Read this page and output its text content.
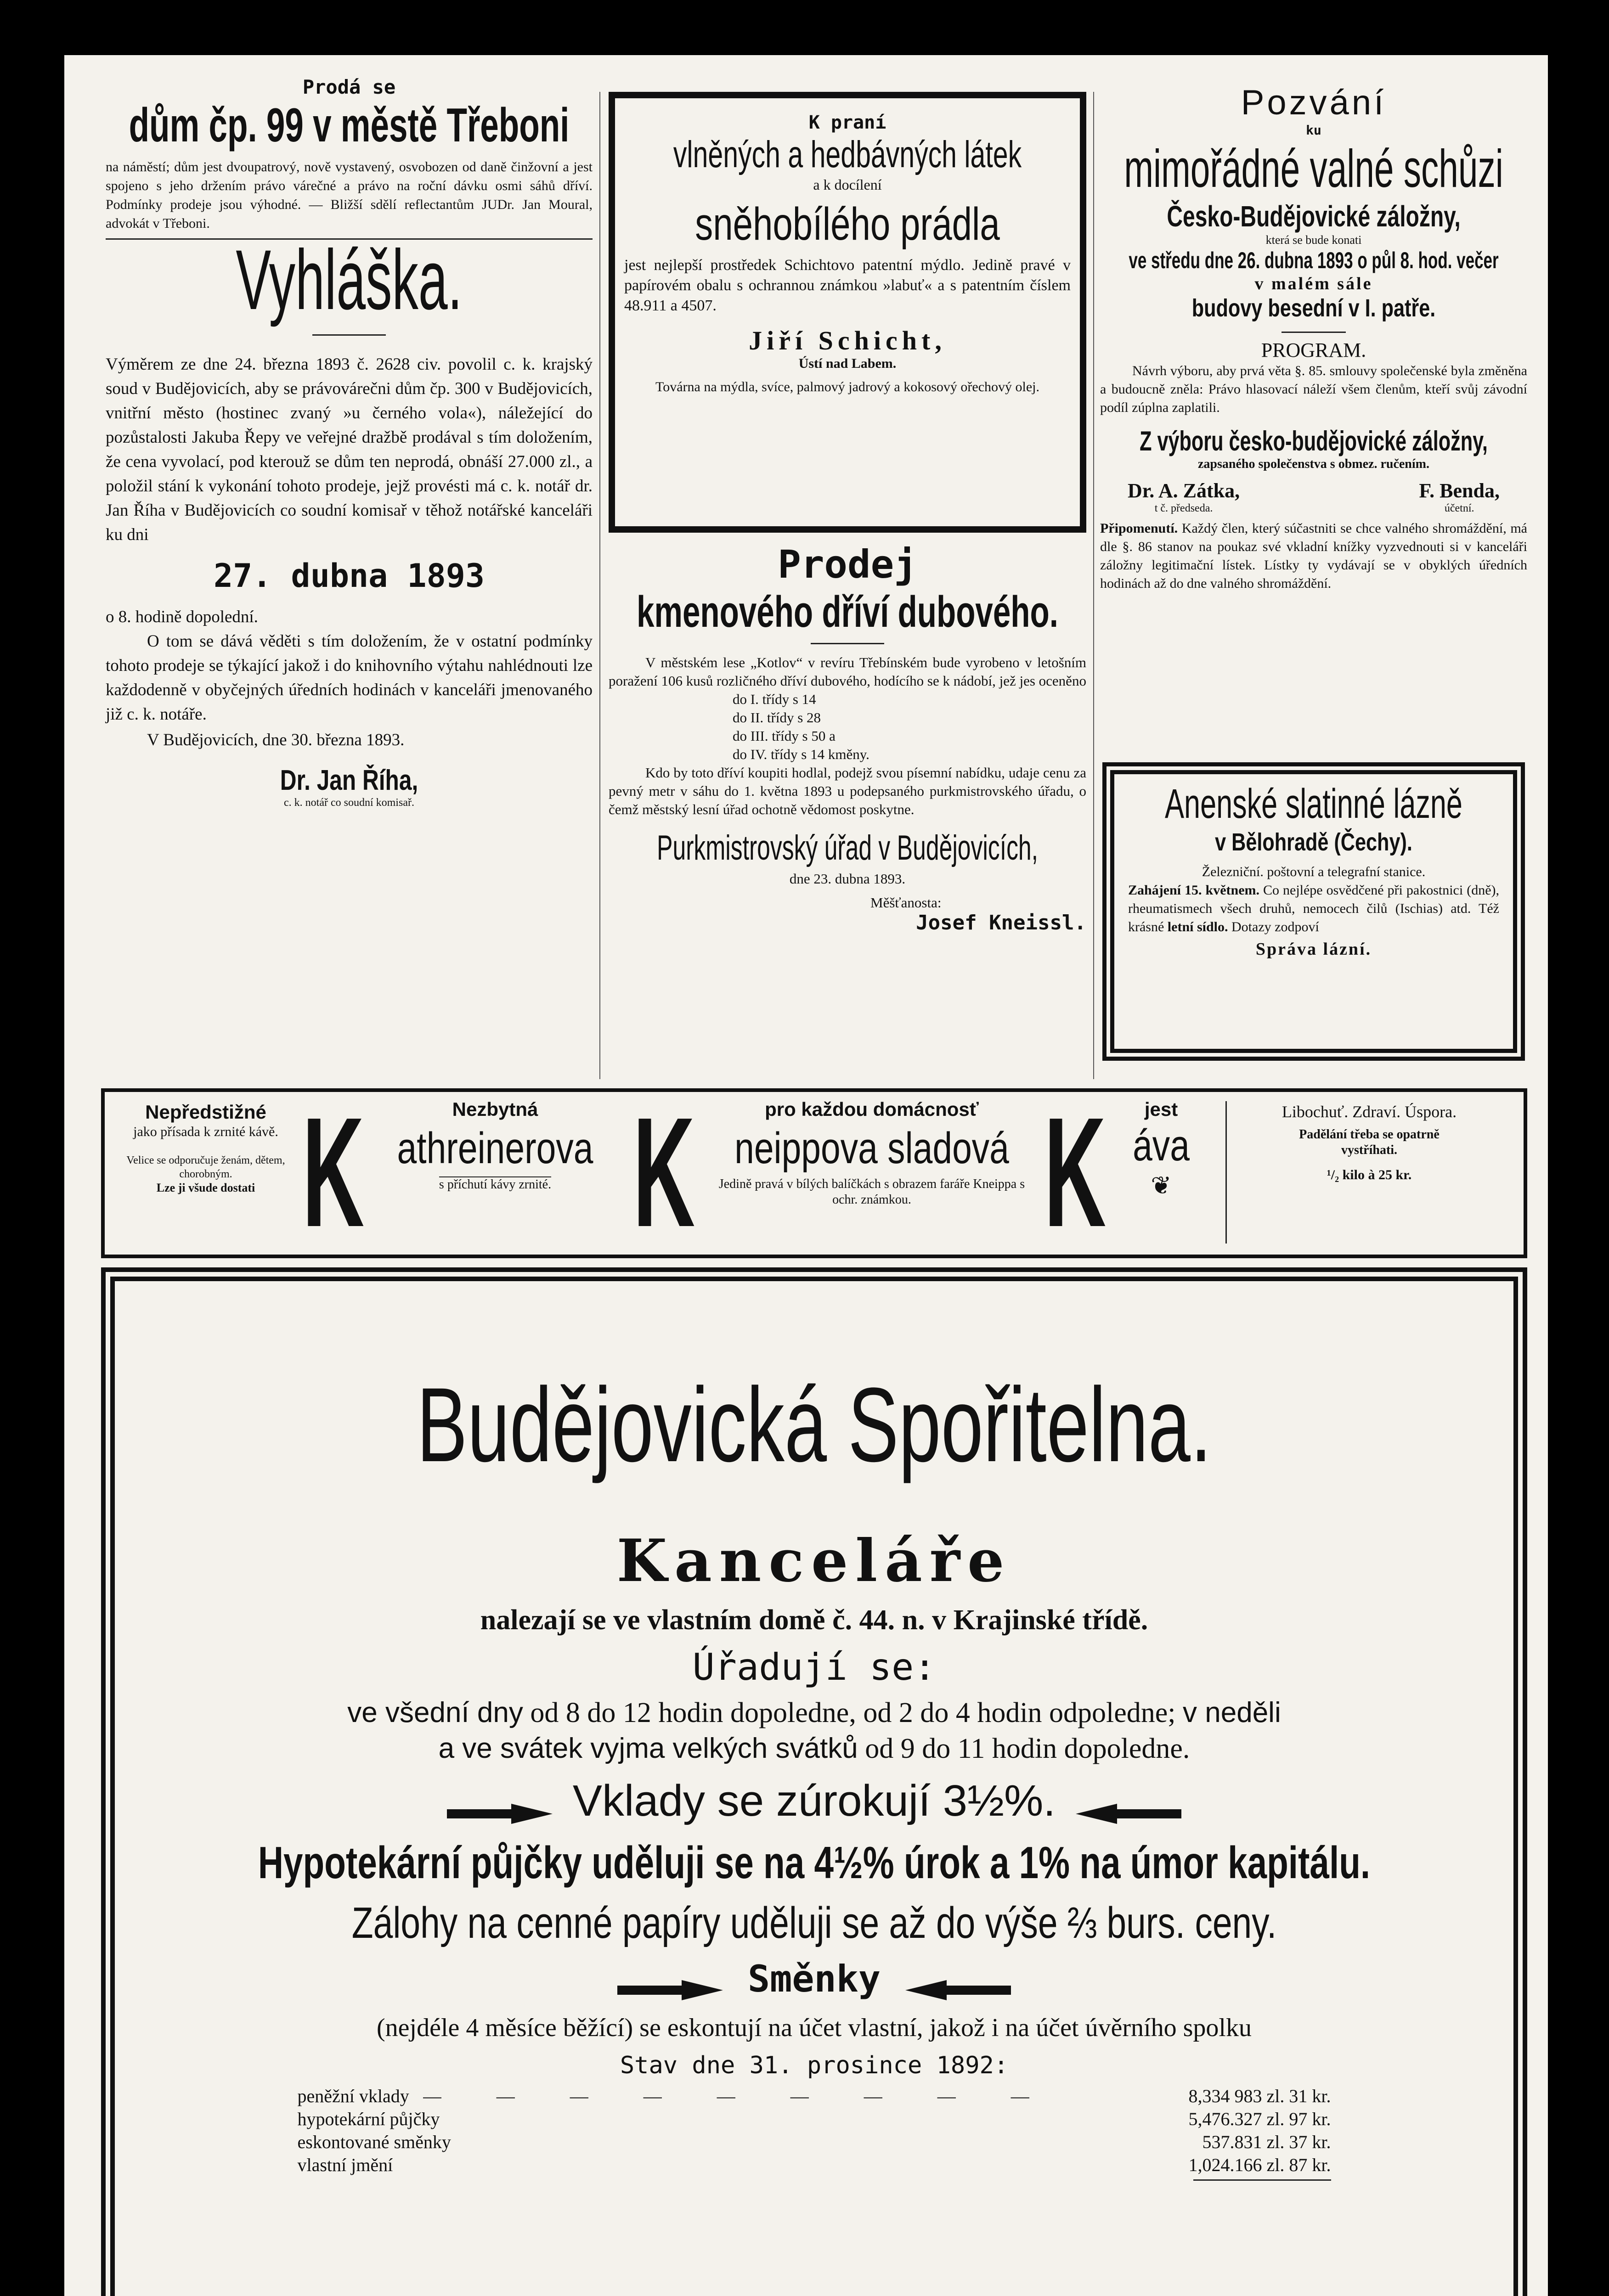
Prodá se
dům čp. 99 v městě Třeboni

na náměstí; dům jest dvoupatrový, nově vystavený, osvobozen od daně činžovní a jest spojeno s jeho držením právo várečné a právo na roční dávku osmi sáhů dříví. Podmínky prodeje jsou výhodné. — Bližší sdělí reflectantům JUDr. Jan Moural, advokát v Třeboni.

Vyhláška.

Výměrem ze dne 24. března 1893 č. 2628 civ. povolil c. k. krajský soud v Budějovicích, aby se právovárečni dům čp. 300 v Budějovicích, vnitřní město (hostinec zvaný »u černého vola«), náležející do pozůstalosti Jakuba Řepy ve veřejné dražbě prodával s tím doložením, že cena vyvolací, pod kterouž se dům ten neprodá, obnáší 27.000 zl., a položil stání k vykonání tohoto prodeje, jejž provésti má c. k. notář dr. Jan Říha v Budějovicích co soudní komisař v těhož notářské kanceláři ku dni

27. dubna 1893

o 8. hodině dopolední.

O tom se dává věděti s tím doložením, že v ostatní podmínky tohoto prodeje se týkající jakož i do knihovního výtahu nahlédnouti lze každodenně v obyčejných úředních hodinách v kanceláři jmenovaného již c. k. notáře.

V Budějovicích, dne 30. března 1893.

Dr. Jan Říha,
c. k. notář co soudní komisař.
K praní
vlněných a hedbávných látek
a k docílení
sněhobílého prádla

jest nejlepší prostředek Schichtovo patentní mýdlo. Jedině pravé v papírovém obalu s ochrannou známkou »labuť« a s patentním číslem 48.911 a 4507.

Jiří Schicht,
Ústí nad Labem.

Továrna na mýdla, svíce, palmový jadrový a kokosový ořechový olej.

Prodej
kmenového dříví dubového.

V městském lese „Kotlov“ v revíru Třebínském bude vyrobeno v letošním poražení 106 kusů rozličného dříví dubového, hodícího se k nádobí, jež jes oceněno

do I. třídy s 14
do II. třídy s 28
do III. třídy s 50 a
do IV. třídy s 14 kměny.

Kdo by toto dříví koupiti hodlal, podejž svou písemní nabídku, udaje cenu za pevný metr v sáhu do 1. května 1893 u podepsaného purkmistrovského úřadu, o čemž městský lesní úřad ochotně vědomost poskytne.

Purkmistrovský úřad v Budějovicích,
dne 23. dubna 1893.
Měšťanosta:
Josef Kneissl.
Pozvání
ku
mimořádné valné schůzi
Česko-Budějovické záložny,
která se bude konati
ve středu dne 26. dubna 1893 o půl 8. hod. večer
v malém sále
budovy besední v I. patře.
PROGRAM.

Návrh výboru, aby prvá věta §. 85. smlouvy společenské byla změněna a budoucně zněla: Právo hlasovací náleží všem členům, kteří svůj závodní podíl zúplna zaplatili.

Z výboru česko-budějovické záložny,
zapsaného společenstva s obmez. ručením.
Dr. A. Zátka,
t č. předseda.
F. Benda,
účetní.

Připomenutí. Každý člen, který súčastniti se chce valného shromáždění, má dle §. 86 stanov na poukaz své vkladní knížky vyzvednouti si v kanceláři záložny legitimační lístek. Lístky ty vydávají se v obyklých úředních hodinách až do dne valného shromáždění.

Anenské slatinné lázně
v Bělohradě (Čechy).

Železniční. poštovní a telegrafní stanice.

Zahájení 15. květnem. Co nejlépe osvědčené při pakostnici (dně), rheumatismech všech druhů, nemocech čilů (Ischias) atd. Též krásné letní sídlo. Dotazy zodpoví

Správa lázní.
Nepředstižné
jako přísada k zrnité kávě.
Velice se odporučuje ženám, dětem, chorobným.
Lze ji všude dostati K	Nezbytná
athreinerova
s příchutí kávy zrnité. K	pro každou domácnosť
neippova sladová
Jedině pravá v bílých balíčkách s obrazem faráře Kneippa s ochr. známkou. K	jest
áva
❦
Libochuť. Zdraví. Úspora.
Padělání třeba se opatrně vystříhati.
¹/₂ kilo à 25 kr.
Budějovická Spořitelna.
Kanceláře
nalezají se ve vlastním domě č. 44. n. v Krajinské třídě.
Úřadují se:
ve všední dny od 8 do 12 hodin dopoledne, od 2 do 4 hodin odpoledne; v neděli
a ve svátek vyjma velkých svátků od 9 do 11 hodin dopoledne.
Vklady se zúrokují 3½%.
Hypotekární půjčky uděluji se na 4½% úrok a 1% na úmor kapitálu.
Zálohy na cenné papíry uděluji se až do výše ⅔ burs. ceny.
Směnky
(nejdéle 4 měsíce běžící) se eskontují na účet vlastní, jakož i na účet úvěrního spolku
Stav dne 31. prosince 1892:
peněžní vklady —————————	8,334 983 zl. 31 kr.
hypotekární půjčky	5,476.327 zl. 97 kr.
eskontované směnky	537.831 zl. 37 kr.
vlastní jmění	1,024.166 zl. 87 kr.
